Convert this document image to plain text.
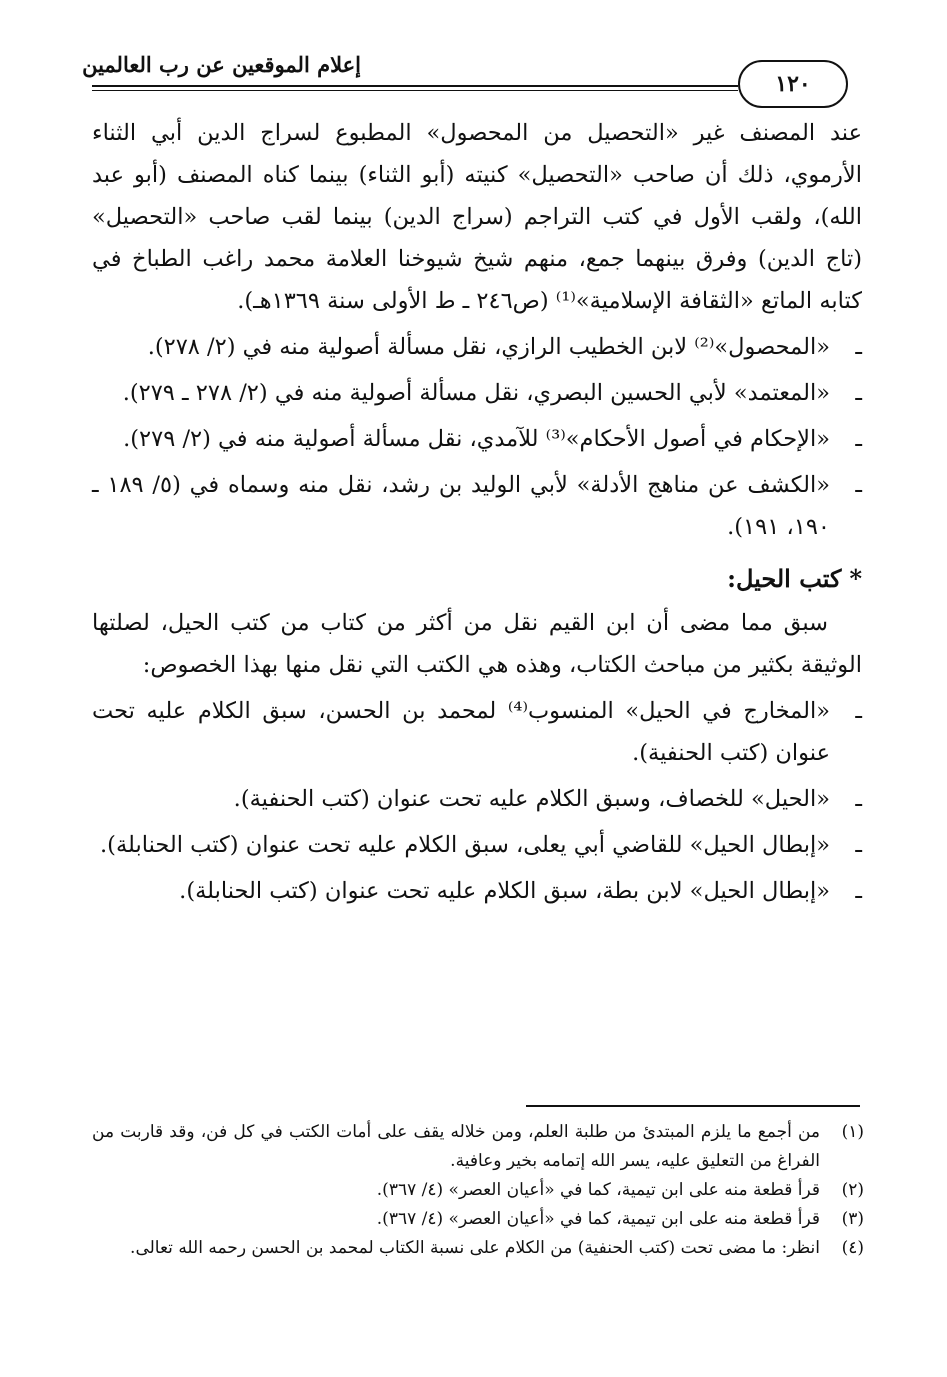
إعلام الموقعين عن رب العالمين
١٢٠

عند المصنف غير «التحصيل من المحصول» المطبوع لسراج الدين أبي الثناء الأرموي، ذلك أن صاحب «التحصيل» كنيته (أبو الثناء) بينما كناه المصنف (أبو عبد الله)، ولقب الأول في كتب التراجم (سراج الدين) بينما لقب صاحب «التحصيل» (تاج الدين) وفرق بينهما جمع، منهم شيخ شيوخنا العلامة محمد راغب الطباخ في كتابه الماتع «الثقافة الإسلامية»⁽¹⁾ (ص٢٤٦ ـ ط الأولى سنة ١٣٦٩هـ).

ـ «المحصول»⁽²⁾ لابن الخطيب الرازي، نقل مسألة أصولية منه في (٢/ ٢٧٨).
ـ «المعتمد» لأبي الحسين البصري، نقل مسألة أصولية منه في (٢/ ٢٧٨ ـ ٢٧٩).
ـ «الإحكام في أصول الأحكام»⁽³⁾ للآمدي، نقل مسألة أصولية منه في (٢/ ٢٧٩).
ـ «الكشف عن مناهج الأدلة» لأبي الوليد بن رشد، نقل منه وسماه في (٥/ ١٨٩ ـ ١٩٠، ١٩١).
*كتب الحيل:

سبق مما مضى أن ابن القيم نقل من أكثر من كتاب من كتب الحيل، لصلتها الوثيقة بكثير من مباحث الكتاب، وهذه هي الكتب التي نقل منها بهذا الخصوص:

ـ «المخارج في الحيل» المنسوب⁽⁴⁾ لمحمد بن الحسن، سبق الكلام عليه تحت عنوان (كتب الحنفية).
ـ «الحيل» للخصاف، وسبق الكلام عليه تحت عنوان (كتب الحنفية).
ـ «إبطال الحيل» للقاضي أبي يعلى، سبق الكلام عليه تحت عنوان (كتب الحنابلة).
ـ «إبطال الحيل» لابن بطة، سبق الكلام عليه تحت عنوان (كتب الحنابلة).
(١)
من أجمع ما يلزم المبتدئ من طلبة العلم، ومن خلاله يقف على أمات الكتب في كل فن، وقد قاربت من الفراغ من التعليق عليه، يسر الله إتمامه بخير وعافية.
(٢)
قرأ قطعة منه على ابن تيمية، كما في «أعيان العصر» (٤/ ٣٦٧).
(٣)
قرأ قطعة منه على ابن تيمية، كما في «أعيان العصر» (٤/ ٣٦٧).
(٤)
انظر: ما مضى تحت (كتب الحنفية) من الكلام على نسبة الكتاب لمحمد بن الحسن رحمه الله تعالى.
